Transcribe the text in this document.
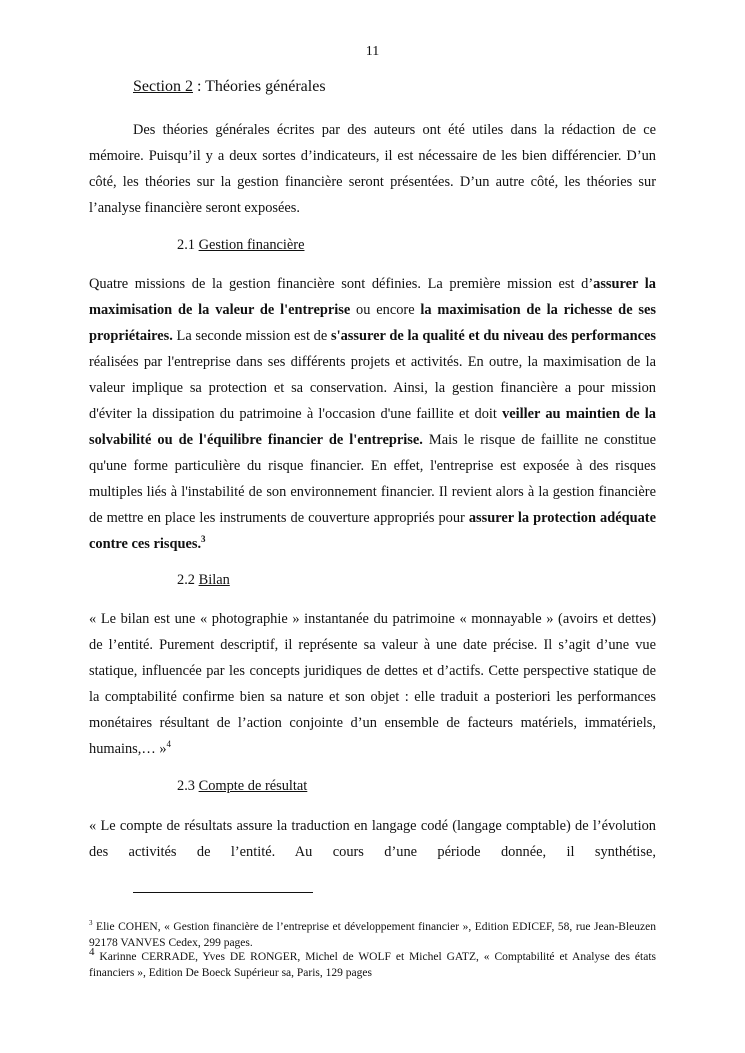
11
Section 2 : Théories générales

Des théories générales écrites par des auteurs ont été utiles dans la rédaction de ce mémoire. Puisqu’il y a deux sortes d’indicateurs, il est nécessaire de les bien différencier. D’un côté, les théories sur la gestion financière seront présentées. D’un autre côté, les théories sur l’analyse financière seront exposées.

2.1 Gestion financière

Quatre missions de la gestion financière sont définies. La première mission est d’assurer la maximisation de la valeur de l'entreprise ou encore la maximisation de la richesse de ses propriétaires. La seconde mission est de s'assurer de la qualité et du niveau des performances réalisées par l'entreprise dans ses différents projets et activités. En outre, la maximisation de la valeur implique sa protection et sa conservation. Ainsi, la gestion financière a pour mission d'éviter la dissipation du patrimoine à l'occasion d'une faillite et doit veiller au maintien de la solvabilité ou de l'équilibre financier de l'entreprise. Mais le risque de faillite ne constitue qu'une forme particulière du risque financier. En effet, l'entreprise est exposée à des risques multiples liés à l'instabilité de son environnement financier. Il revient alors à la gestion financière de mettre en place les instruments de couverture appropriés pour assurer la protection adéquate contre ces risques.$^3$

2.2 Bilan

« Le bilan est une « photographie » instantanée du patrimoine « monnayable » (avoirs et dettes) de l’entité. Purement descriptif, il représente sa valeur à une date précise. Il s’agit d’une vue statique, influencée par les concepts juridiques de dettes et d’actifs. Cette perspective statique de la comptabilité confirme bien sa nature et son objet : elle traduit a posteriori les performances monétaires résultant de l’action conjointe d’un ensemble de facteurs matériels, immatériels, humains,… »$^4$

2.3 Compte de résultat

« Le compte de résultats assure la traduction en langage codé (langage comptable) de l’évolution des activités de l’entité. Au cours d’une période donnée, il synthétise,

$^3$ Elie COHEN, « Gestion financière de l’entreprise et développement financier », Edition EDICEF, 58, rue Jean-Bleuzen 92178 VANVES Cedex, 299 pages.

4 Karinne CERRADE, Yves DE RONGER, Michel de WOLF et Michel GATZ, « Comptabilité et Analyse des états financiers », Edition De Boeck Supérieur sa, Paris, 129 pages
